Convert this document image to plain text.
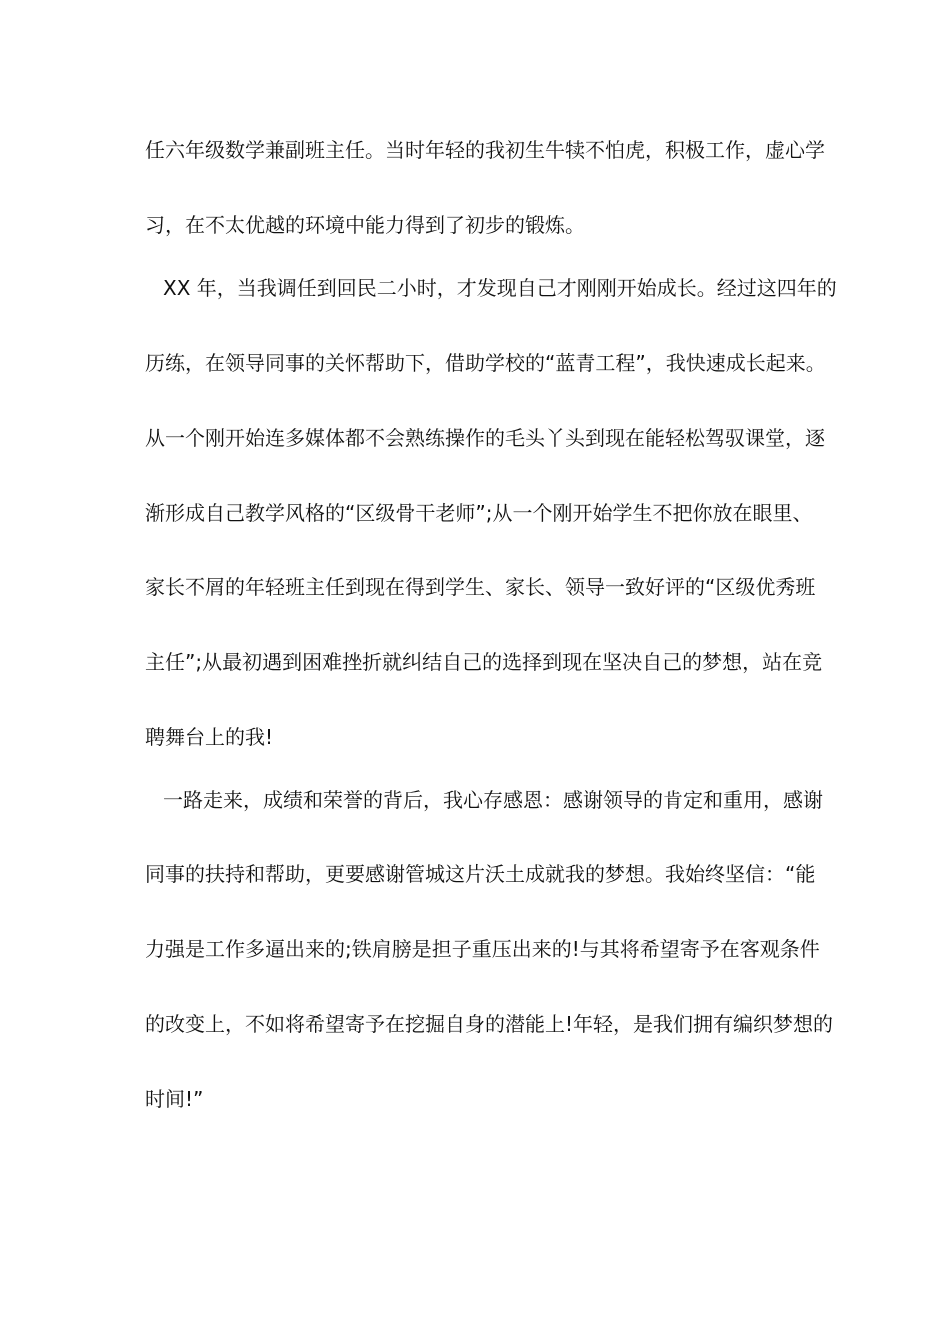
任六年级数学兼副班主任。当时年轻的我初生牛犊不怕虎，积极工作，虚心学
习，在不太优越的环境中能力得到了初步的锻炼。
XX 年，当我调任到回民二小时，才发现自己才刚刚开始成长。经过这四年的
历练，在领导同事的关怀帮助下，借助学校的“蓝青工程”，我快速成长起来。
从一个刚开始连多媒体都不会熟练操作的毛头丫头到现在能轻松驾驭课堂，逐
渐形成自己教学风格的“区级骨干老师”;从一个刚开始学生不把你放在眼里、
家长不屑的年轻班主任到现在得到学生、家长、领导一致好评的“区级优秀班
主任”;从最初遇到困难挫折就纠结自己的选择到现在坚决自己的梦想，站在竞
聘舞台上的我!
一路走来，成绩和荣誉的背后，我心存感恩：感谢领导的肯定和重用，感谢
同事的扶持和帮助，更要感谢管城这片沃土成就我的梦想。我始终坚信：“能
力强是工作多逼出来的;铁肩膀是担子重压出来的!与其将希望寄予在客观条件
的改变上，不如将希望寄予在挖掘自身的潜能上!年轻，是我们拥有编织梦想的
时间!”
